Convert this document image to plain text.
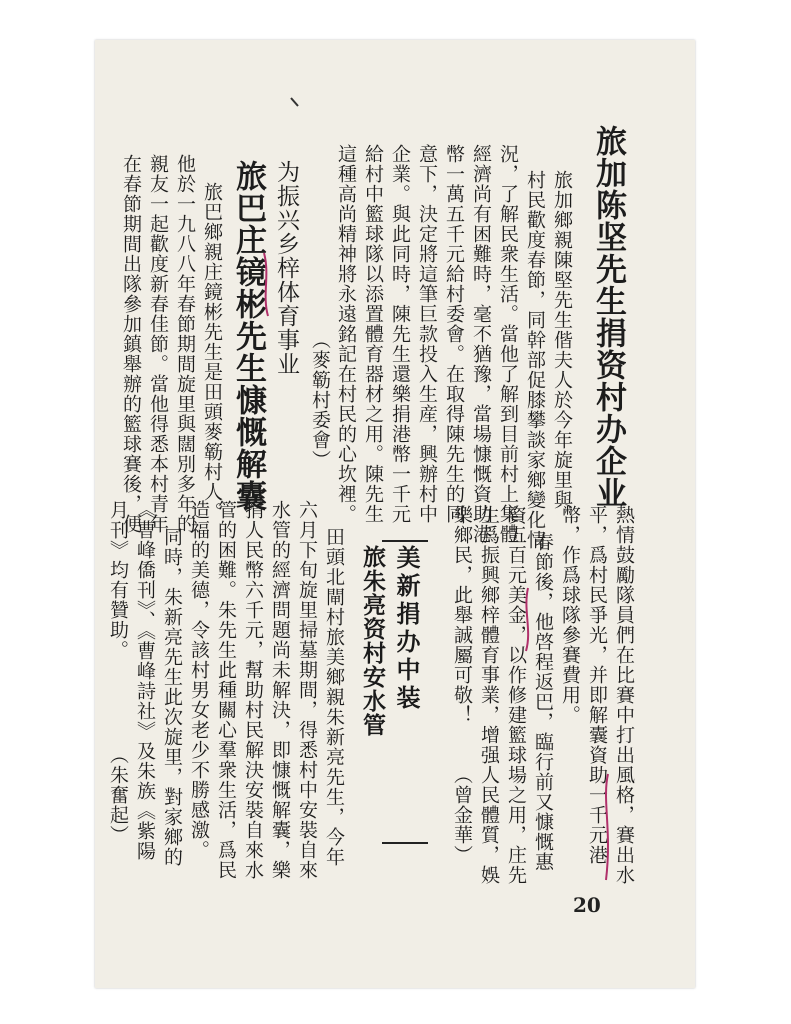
旅加陈坚先生捐资村办企业
旅加鄉親陳堅先生偕夫人於今年旋里與
村民歡度春節，同幹部促膝攀談家鄉變化情
況，了解民衆生活。當他了解到目前村上集體
經濟尚有困難時，毫不猶豫，當場慷慨資助港
幣一萬五千元給村委會。在取得陳先生的同
意下，決定將這筆巨款投入生産，興辦村中
企業。與此同時，陳先生還樂捐港幣一千元
給村中籃球隊以添置體育器材之用。陳先生
這種高尚精神將永遠銘記在村民的心坎裡。
（麥簕村委會）
为振兴乡梓体育事业
旅巴庄镜彬先生慷慨解囊
旅巴鄉親庄鏡彬先生是田頭麥簕村人。
他於一九八八年春節期間旋里與闊別多年的
親友一起歡度新春佳節。當他得悉本村青年
在春節期間出隊參加鎮舉辦的籃球賽後，便
熱情鼓勵隊員們在比賽中打出風格，賽出水
平，爲村民爭光，并即解囊資助一千元港
幣，作爲球隊參賽費用。
春節後，他啓程返巴，臨行前又慷慨惠
資五百元美金，以作修建籃球場之用，庄先
生爲振興鄉梓體育事業，增强人民體質，娛
樂鄉民，此舉誠屬可敬！
（曾金華）
美新捐办中装
旅朱亮资村安水管
田頭北閘村旅美鄉親朱新亮先生，今年
六月下旬旋里掃墓期間，得悉村中安裝自來
水管的經濟問題尚未解決，即慷慨解囊，樂
捐人民幣六千元，幫助村民解決安裝自來水
管的困難。朱先生此種關心羣衆生活，爲民
造福的美德，令該村男女老少不勝感激。
同時，朱新亮先生此次旋里，對家鄉的
《曹峰僑刊》、《曹峰詩社》及朱族《紫陽
月刊》均有贊助。
（朱奮起）
20
